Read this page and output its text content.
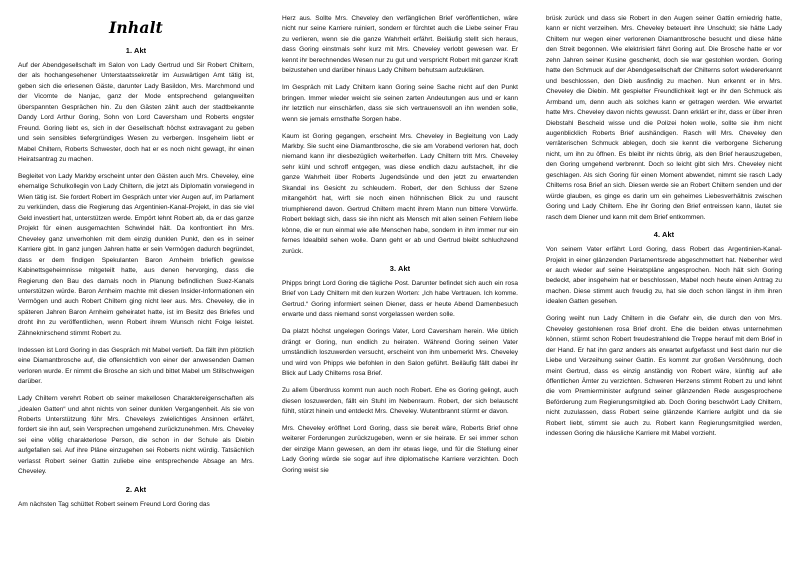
Inhalt
1. Akt

Auf der Abendgesellschaft im Salon von Lady Gertrud und Sir Robert Chiltern, der als hochangesehener Unterstaatssekretär im Auswärtigen Amt tätig ist, geben sich die erlesenen Gäste, darunter Lady Basildon, Mrs. Marchmond und der Vicomte de Nanjac, ganz der Mode entsprechend gelangweilten überspannten Gesprächen hin. Zu den Gästen zählt auch der stadtbekannte Dandy Lord Arthur Goring, Sohn von Lord Caversham und Roberts engster Freund. Goring liebt es, sich in der Gesellschaft höchst extravagant zu geben und sein sensibles tiefergründiges Wesen zu verbergen. Insgeheim liebt er Mabel Chiltern, Roberts Schwester, doch hat er es noch nicht gewagt, ihr einen Heiratsantrag zu machen.

Begleitet von Lady Markby erscheint unter den Gästen auch Mrs. Cheveley, eine ehemalige Schulkollegin von Lady Chiltern, die jetzt als Diplomatin vorwiegend in Wien tätig ist. Sie fordert Robert im Gespräch unter vier Augen auf, im Parlament zu verkünden, dass die Regierung das Argentinien-Kanal-Projekt, in das sie viel Geld investiert hat, unterstützen werde. Empört lehnt Robert ab, da er das ganze Projekt für einen ausgemachten Schwindel hält. Da konfrontiert ihn Mrs. Cheveley ganz unverhohlen mit dem einzig dunklen Punkt, den es in seiner Karriere gibt. In ganz jungen Jahren hatte er sein Vermögen dadurch begründet, dass er dem findigen Spekulanten Baron Arnheim brieflich gewisse Kabinettsgeheimnisse mitgeteilt hatte, aus denen hervorging, dass die Regierung den Bau des damals noch in Planung befindlichen Suez-Kanals unterstützen würde. Baron Arnheim machte mit diesen Insider-Informationen ein Vermögen und auch Robert Chiltern ging nicht leer aus. Mrs. Cheveley, die in späteren Jahren Baron Arnheim geheiratet hatte, ist im Besitz des Briefes und droht ihn zu veröffentlichen, wenn Robert ihrem Wunsch nicht Folge leistet. Zähneknirschend stimmt Robert zu.

Indessen ist Lord Goring in das Gespräch mit Mabel vertieft. Da fällt ihm plötzlich eine Diamantbrosche auf, die offensichtlich von einer der anwesenden Damen verloren wurde. Er nimmt die Brosche an sich und bittet Mabel um Stillschweigen darüber.

Lady Chiltern verehrt Robert ob seiner makellosen Charaktereigenschaften als „idealen Gatten“ und ahnt nichts von seiner dunklen Vergangenheit. Als sie von Roberts Unterstützung führ Mrs. Cheveleys zwielichtiges Ansinnen erfährt, fordert sie ihn auf, sein Versprechen umgehend zurückzunehmen. Mrs. Cheveley sei eine völlig charakterlose Person, die schon in der Schule als Diebin aufgefallen sei. Auf ihre Pläne einzugehen sei Roberts nicht würdig. Tatsächlich verlasst Robert seiner Gattin zuliebe eine entsprechende Absage an Mrs. Cheveley.

2. Akt

Am nächsten Tag schüttet Robert seinem Freund Lord Goring das

Herz aus. Sollte Mrs. Cheveley den verfänglichen Brief veröffentlichen, wäre nicht nur seine Karriere ruiniert, sondern er fürchtet auch die Liebe seiner Frau zu verlieren, wenn sie die ganze Wahrheit erfährt. Beiläufig stellt sich heraus, dass Goring einstmals sehr kurz mit Mrs. Cheveley verlobt gewesen war. Er kennt ihr berechnendes Wesen nur zu gut und verspricht Robert mit ganzer Kraft beizustehen und darüber hinaus Lady Chiltern behutsam aufzuklären.

Im Gespräch mit Lady Chiltern kann Goring seine Sache nicht auf den Punkt bringen. Immer wieder weicht sie seinen zarten Andeutungen aus und er kann ihr letztlich nur einschärfen, dass sie sich vertrauensvoll an ihn wenden solle, wenn sie jemals ernsthafte Sorgen habe.

Kaum ist Goring gegangen, erscheint Mrs. Cheveley in Begleitung von Lady Markby. Sie sucht eine Diamantbrosche, die sie am Vorabend verloren hat, doch niemand kann ihr diesbezüglich weiterhelfen. Lady Chiltern tritt Mrs. Cheveley sehr kühl und schroff entgegen, was diese endlich dazu aufstachelt, ihr die ganze Wahrheit über Roberts Jugendsünde und den jetzt zu erwartenden Skandal ins Gesicht zu schleudern. Robert, der den Schluss der Szene mitangehört hat, wirft sie noch einen höhnischen Blick zu und rauscht triumphierend davon. Gertrud Chiltern macht ihrem Mann nun bittere Vorwürfe. Robert beklagt sich, dass sie ihn nicht als Mensch mit allen seinen Fehlern liebe könne, die er nun einmal wie alle Menschen habe, sondern in ihm immer nur ein fernes Idealbild sehen wolle. Dann geht er ab und Gertrud bleibt schluchzend zurück.

3. Akt

Phipps bringt Lord Goring die tägliche Post. Darunter befindet sich auch ein rosa Brief von Lady Chiltern mit den kurzen Worten: „Ich habe Vertrauen. Ich komme. Gertrud.“ Goring informiert seinen Diener, dass er heute Abend Damenbesuch erwarte und dass niemand sonst vorgelassen werden solle.

Da platzt höchst ungelegen Gorings Vater, Lord Caversham herein. Wie üblich drängt er Goring, nun endlich zu heiraten. Während Goring seinen Vater umständlich loszuwerden versucht, erscheint von ihm unbemerkt Mrs. Cheveley und wird von Phipps wie befohlen in den Salon geführt. Beiläufig fällt dabei ihr Blick auf Lady Chilterns rosa Brief.

Zu allem Überdruss kommt nun auch noch Robert. Ehe es Goring gelingt, auch diesen loszuwerden, fällt ein Stuhl im Nebenraum. Robert, der sich belauscht fühlt, stürzt hinein und entdeckt Mrs. Cheveley. Wutentbrannt stürmt er davon.

Mrs. Cheveley eröffnet Lord Goring, dass sie bereit wäre, Roberts Brief ohne weiterer Forderungen zurückzugeben, wenn er sie heirate. Er sei immer schon der einzige Mann gewesen, an dem ihr etwas liege, und für die Stellung einer Lady Goring würde sie sogar auf ihre diplomatische Karriere verzichten. Doch Goring weist sie

brüsk zurück und dass sie Robert in den Augen seiner Gattin erniedrig hatte, kann er nicht verzeihen. Mrs. Cheveley beteuert ihre Unschuld; sie hätte Lady Chiltern nur wegen einer verlorenen Diamantbrosche besucht und diese hätte den Streit begonnen. Wie elektrisiert fährt Goring auf. Die Brosche hatte er vor zehn Jahren seiner Kusine geschenkt, doch sie war gestohlen worden. Goring hatte den Schmuck auf der Abendgesellschaft der Chilterns sofort wiedererkannt und beschlossen, den Dieb ausfindig zu machen. Nun erkennt er in Mrs. Cheveley die Diebin. Mit gespielter Freundlichkeit legt er ihr den Schmuck als Armband um, denn auch als solches kann er getragen werden. Wie erwartet hatte Mrs. Cheveley davon nichts gewusst. Dann erklärt er ihr, dass er über ihren Diebstahl Bescheid wisse und die Polizei holen wolle, sollte sie ihm nicht augenblicklich Roberts Brief aushändigen. Rasch will Mrs. Cheveley den verräterischen Schmuck ablegen, doch sie kennt die verborgene Sicherung nicht, um ihn zu öffnen. Es bleibt ihr nichts übrig, als den Brief herauszugeben, den Goring umgehend verbrennt. Doch so leicht gibt sich Mrs. Cheveley nicht geschlagen. Als sich Goring für einen Moment abwendet, nimmt sie rasch Lady Chilterns rosa Brief an sich. Diesen werde sie an Robert Chiltern senden und der würde glauben, es ginge es darin um ein geheimes Liebesverhältnis zwischen Goring und Lady Chiltern. Ehe ihr Goring den Brief entreissen kann, läutet sie rasch dem Diener und kann mit dem Brief entkommen.

4. Akt

Von seinem Vater erfährt Lord Goring, dass Robert das Argentinien-Kanal-Projekt in einer glänzenden Parlamentsrede abgeschmettert hat. Nebenher wird er auch wieder auf seine Heiratspläne angesprochen. Noch hält sich Goring bedeckt, aber insgeheim hat er beschlossen, Mabel noch heute einen Antrag zu machen. Diese stimmt auch freudig zu, hat sie doch schon längst in ihm ihren idealen Gatten gesehen.

Goring weiht nun Lady Chiltern in die Gefahr ein, die durch den von Mrs. Cheveley gestohlenen rosa Brief droht. Ehe die beiden etwas unternehmen können, stürmt schon Robert freudestrahlend die Treppe herauf mit dem Brief in der Hand. Er hat ihn ganz anders als erwartet aufgefasst und liest darin nur die Liebe und Verzeihung seiner Gattin. Es kommt zur großen Versöhnung, doch meint Gertrud, dass es einzig anständig von Robert wäre, künftig auf alle öffentlichen Ämter zu verzichten. Schweren Herzens stimmt Robert zu und lehnt die vom Premierminister aufgrund seiner glänzenden Rede ausgesprochene Beförderung zum Regierungsmitglied ab. Doch Goring beschwört Lady Chiltern, nicht zuzulassen, dass Robert seine glänzende Karriere aufgibt und da sie Robert liebt, stimmt sie auch zu. Robert kann Regierungsmitglied werden, indessen Goring die häusliche Karriere mit Mabel vorzieht.
